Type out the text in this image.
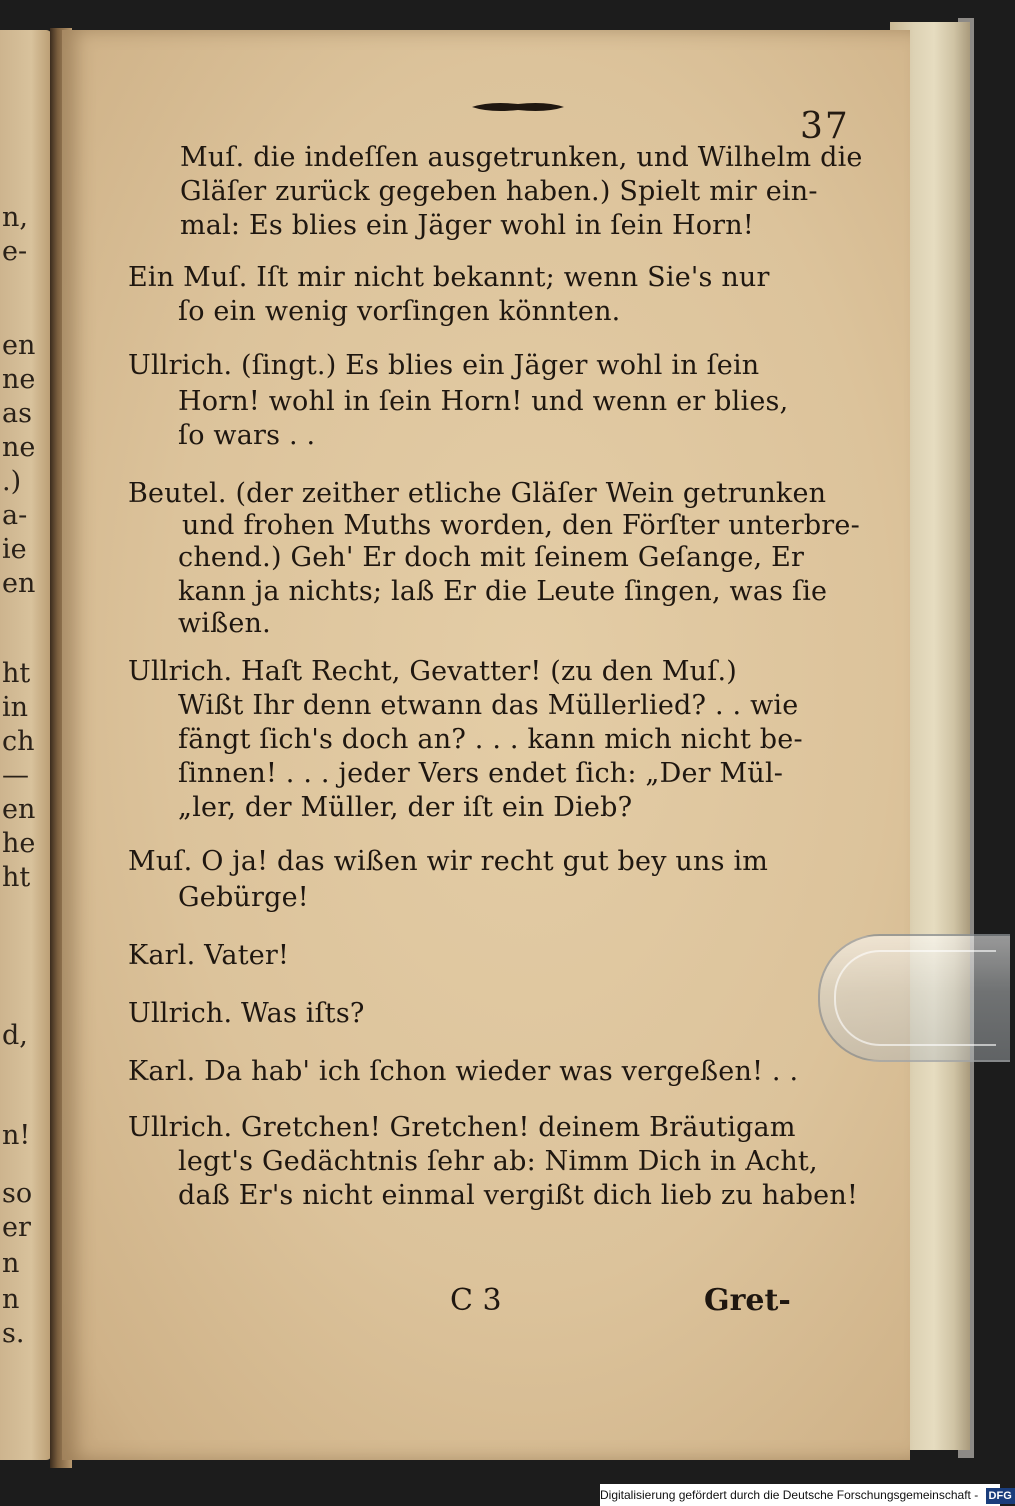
n,
e-
en
ne
as
ne
.)
a-
ie
en
ht
in
ch
—
en
he
ht
d,
n!
so
er
n
n
s.
37
Muſ. die indeſſen ausgetrunken, und Wilhelm die
Gläſer zurück gegeben haben.) Spielt mir ein-
mal: Es blies ein Jäger wohl in ſein Horn!
Ein Muſ. Iſt mir nicht bekannt; wenn Sie's nur
ſo ein wenig vorſingen könnten.
Ullrich. (ſingt.) Es blies ein Jäger wohl in ſein
Horn! wohl in ſein Horn! und wenn er blies,
ſo wars . .
Beutel. (der zeither etliche Gläſer Wein getrunken
und frohen Muths worden, den Förſter unterbre-
chend.) Geh' Er doch mit ſeinem Geſange, Er
kann ja nichts; laß Er die Leute ſingen, was ſie
wißen.
Ullrich. Haſt Recht, Gevatter! (zu den Muſ.)
Wißt Ihr denn etwann das Müllerlied? . . wie
fängt ſich's doch an? . . . kann mich nicht be-
ſinnen! . . . jeder Vers endet ſich: „Der Mül-
„ler, der Müller, der iſt ein Dieb?
Muſ. O ja! das wißen wir recht gut bey uns im
Gebürge!
Karl. Vater!
Ullrich. Was iſts?
Karl. Da hab' ich ſchon wieder was vergeßen! . .
Ullrich. Gretchen! Gretchen! deinem Bräutigam
legt's Gedächtnis ſehr ab: Nimm Dich in Acht,
daß Er's nicht einmal vergißt dich lieb zu haben!
C 3	Gret-
Digitalisierung gefördert durch die Deutsche Forschungsgemeinschaft - DFG
